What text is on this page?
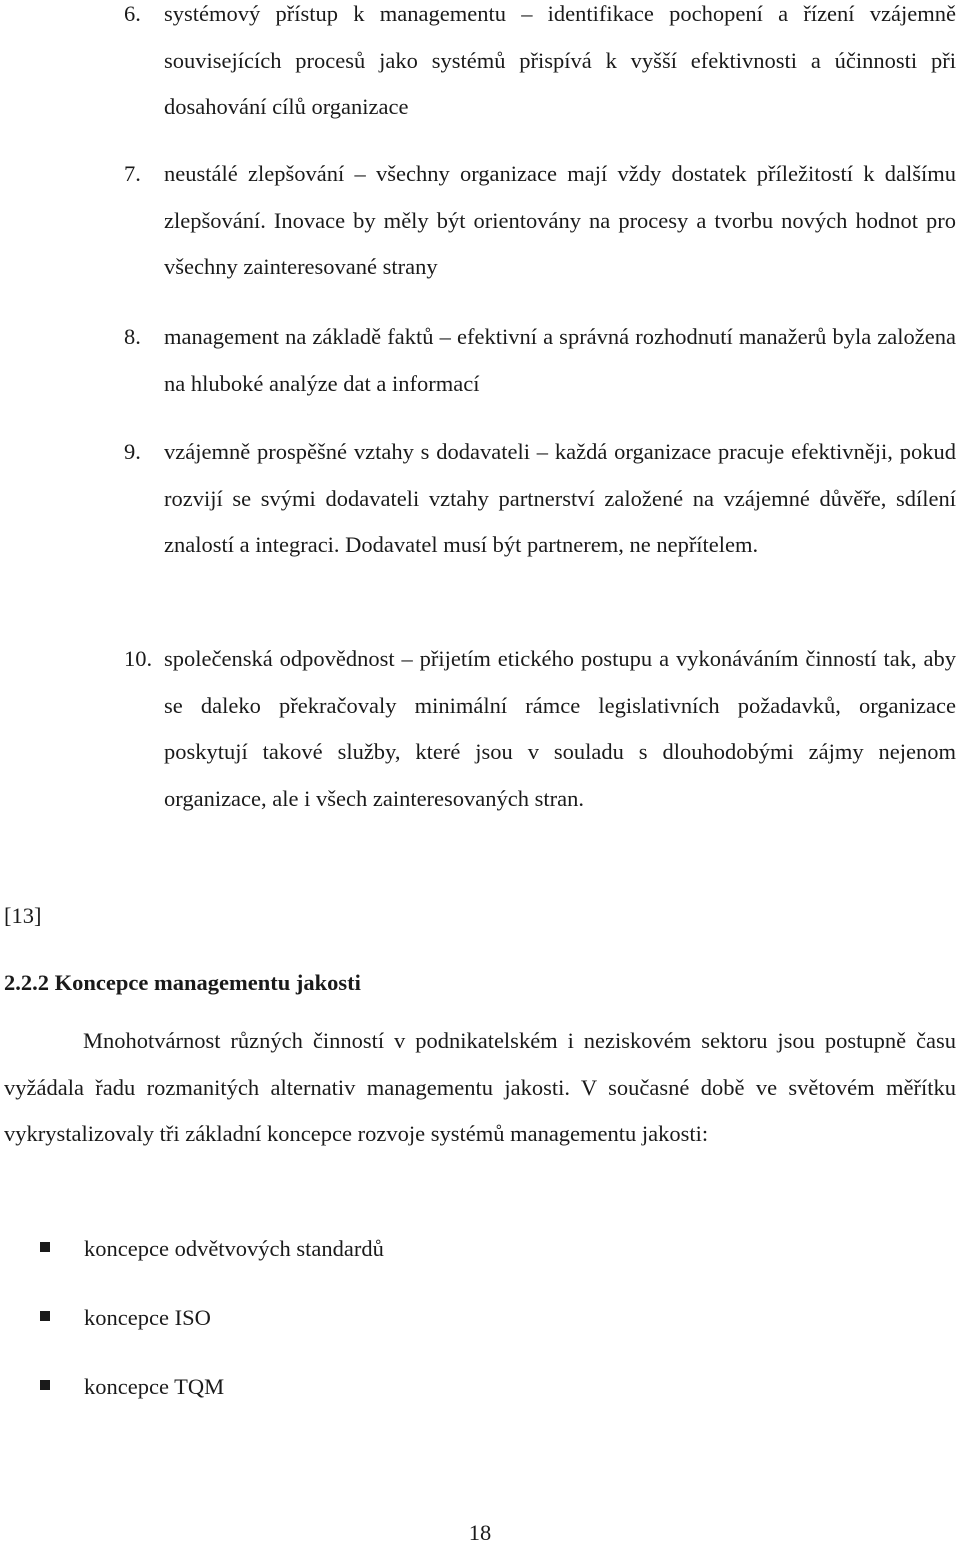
6. systémový přístup k managementu – identifikace pochopení a řízení vzájemně souvisejících procesů jako systémů přispívá k vyšší efektivnosti a účinnosti při dosahování cílů organizace
7. neustálé zlepšování – všechny organizace mají vždy dostatek příležitostí k dalšímu zlepšování. Inovace by měly být orientovány na procesy a tvorbu nových hodnot pro všechny zainteresované strany
8. management na základě faktů – efektivní a správná rozhodnutí manažerů byla založena na hluboké analýze dat a informací
9. vzájemně prospěšné vztahy s dodavateli – každá organizace pracuje efektivněji, pokud rozvijí se svými dodavateli vztahy partnerství založené na vzájemné důvěře, sdílení znalostí a integraci. Dodavatel musí být partnerem, ne nepřítelem.
10. společenská odpovědnost – přijetím etického postupu a vykonáváním činností tak, aby se daleko překračovaly minimální rámce legislativních požadavků, organizace poskytují takové služby, které jsou v souladu s dlouhodobými zájmy nejenom organizace, ale i všech zainteresovaných stran.
[13]
2.2.2 Koncepce managementu jakosti

Mnohotvárnost různých činností v podnikatelském i neziskovém sektoru jsou postupně času vyžádala řadu rozmanitých alternativ managementu jakosti. V současné době ve světovém měřítku vykrystalizovaly tři základní koncepce rozvoje systémů managementu jakosti:

koncepce odvětvových standardů
koncepce ISO
koncepce TQM
18
